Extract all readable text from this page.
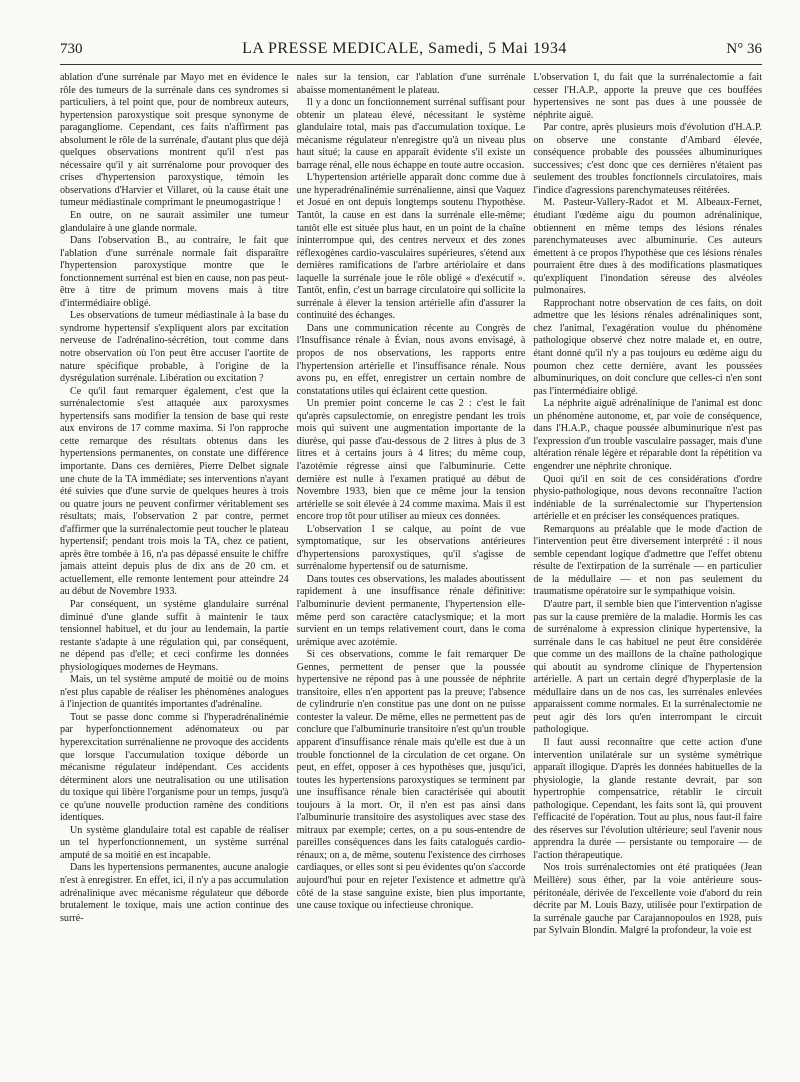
730	LA PRESSE MEDICALE, Samedi, 5 Mai 1934	N° 36

ablation d'une surrénale par Mayo met en évidence le rôle des tumeurs de la surrénale dans ces syndromes si particuliers, à tel point que, pour de nombreux auteurs, hypertension paroxystique soit presque synonyme de paragangliome. Cependant, ces faits n'affirment pas absolument le rôle de la surrénale, d'autant plus que déjà quelques observations montrent qu'il n'est pas nécessaire qu'il y ait surrénalome pour provoquer des crises d'hypertension paroxystique, témoin les observations d'Harvier et Villaret, où la cause était une tumeur médiastinale comprimant le pneumogastrique !

En outre, on ne saurait assimiler une tumeur glandulaire à une glande normale.

Dans l'observation B., au contraire, le fait que l'ablation d'une surrénale normale fait disparaître l'hypertension paroxystique montre que le fonctionnement surrénal est bien en cause, non pas peut-être à titre de primum movens mais à titre d'intermédiaire obligé.

Les observations de tumeur médiastinale à la base du syndrome hypertensif s'expliquent alors par excitation nerveuse de l'adrénalino-sécrétion, tout comme dans notre observation où l'on peut être accuser l'aortite de nature spécifique probable, à l'origine de la dysrégulation surrénale. Libération ou excitation ?

Ce qu'il faut remarquer également, c'est que la surrénalectomie s'est attaquée aux paroxysmes hypertensifs sans modifier la tension de base qui reste aux environs de 17 comme maxima. Si l'on rapproche cette remarque des résultats obtenus dans les hypertensions permanentes, on constate une différence importante. Dans ces dernières, Pierre Delbet signale une chute de la TA immédiate; ses interventions n'ayant été suivies que d'une survie de quelques heures à trois ou quatre jours ne peuvent confirmer véritablement ses résultats; mais, l'observation 2 par contre, permet d'affirmer que la surrénalectomie peut toucher le plateau hypertensif; pendant trois mois la TA, chez ce patient, après être tombée à 16, n'a pas dépassé ensuite le chiffre jamais atteint depuis plus de dix ans de 20 cm. et actuellement, elle remonte lentement pour atteindre 24 au début de Novembre 1933.

Par conséquent, un système glandulaire surrénal diminué d'une glande suffit à maintenir le taux tensionnel habituel, et du jour au lendemain, la partie restante s'adapte à une régulation qui, par conséquent, ne dépend pas d'elle; et ceci confirme les données physiologiques modernes de Heymans.

Mais, un tel système amputé de moitié ou de moins n'est plus capable de réaliser les phénomènes analogues à l'injection de quantités importantes d'adrénaline.

Tout se passe donc comme si l'hyperadrénalinémie par hyperfonctionnement adénomateux ou par hyperexcitation surrénalienne ne provoque des accidents que lorsque l'accumulation toxique déborde un mécanisme régulateur indépendant. Ces accidents déterminent alors une neutralisation ou une utilisation du toxique qui libère l'organisme pour un temps, jusqu'à ce qu'une nouvelle production ramène des conditions identiques.

Un système glandulaire total est capable de réaliser un tel hyperfonctionnement, un système surrénal amputé de sa moitié en est incapable.

Dans les hypertensions permanentes, aucune analogie n'est à enregistrer. En effet, ici, il n'y a pas accumulation adrénalinique avec mécanisme régulateur que déborde brutalement le toxique, mais une action continue des surré-

nales sur la tension, car l'ablation d'une surrénale abaisse momentanément le plateau.

Il y a donc un fonctionnement surrénal suffisant pour obtenir un plateau élevé, nécessitant le système glandulaire total, mais pas d'accumulation toxique. Le mécanisme régulateur n'enregistre qu'à un niveau plus haut situé; la cause en apparaît évidente s'il existe un barrage rénal, elle nous échappe en toute autre occasion.

L'hypertension artérielle apparaît donc comme due à une hyperadrénalinémie surrénalienne, ainsi que Vaquez et Josué en ont depuis longtemps soutenu l'hypothèse. Tantôt, la cause en est dans la surrénale elle-même; tantôt elle est située plus haut, en un point de la chaîne ininterrompue qui, des centres nerveux et des zones réflexogènes cardio-vasculaires supérieures, s'étend aux dernières ramifications de l'arbre artériolaire et dans laquelle la surrénale joue le rôle obligé « d'exécutif ». Tantôt, enfin, c'est un barrage circulatoire qui sollicite la surrénale à élever la tension artérielle afin d'assurer la continuité des échanges.

Dans une communication récente au Congrès de l'Insuffisance rénale à Évian, nous avons envisagé, à propos de nos observations, les rapports entre l'hypertension artérielle et l'insuffisance rénale. Nous avons pu, en effet, enregistrer un certain nombre de constatations utiles qui éclairent cette question.

Un premier point concerne le cas 2 : c'est le fait qu'après capsulectomie, on enregistre pendant les trois mois qui suivent une augmentation importante de la diurèse, qui passe d'au-dessous de 2 litres à plus de 3 litres et à certains jours à 4 litres; du même coup, l'azotémie régresse ainsi que l'albuminurie. Cette dernière est nulle à l'examen pratiqué au début de Novembre 1933, bien que ce même jour la tension artérielle se soit élevée à 24 comme maxima. Mais il est encore trop tôt pour utiliser au mieux ces données.

L'observation I se calque, au point de vue symptomatique, sur les observations antérieures d'hypertensions paroxystiques, qu'il s'agisse de surrénalome hypertensif ou de saturnisme.

Dans toutes ces observations, les malades aboutissent rapidement à une insuffisance rénale définitive: l'albuminurie devient permanente, l'hypertension elle-même perd son caractère cataclysmique; et la mort survient en un temps relativement court, dans le coma urémique avec azotémie.

Si ces observations, comme le fait remarquer De Gennes, permettent de penser que la poussée hypertensive ne répond pas à une poussée de néphrite transitoire, elles n'en apportent pas la preuve; l'absence de cylindrurie n'en constitue pas une dont on ne puisse contester la valeur. De même, elles ne permettent pas de conclure que l'albuminurie transitoire n'est qu'un trouble apparent d'insuffisance rénale mais qu'elle est due à un trouble fonctionnel de la circulation de cet organe. On peut, en effet, opposer à ces hypothèses que, jusqu'ici, toutes les hypertensions paroxystiques se terminent par une insuffisance rénale bien caractérisée qui aboutit toujours à la mort. Or, il n'en est pas ainsi dans l'albuminurie transitoire des asystoliques avec stase des mitraux par exemple; certes, on a pu sous-entendre de pareilles conséquences dans les faits catalogués cardio-rénaux; on a, de même, soutenu l'existence des cirrhoses cardiaques, or elles sont si peu évidentes qu'on s'accorde aujourd'hui pour en rejeter l'existence et admettre qu'à côté de la stase sanguine existe, bien plus importante, une cause toxique ou infectieuse chronique.

L'observation I, du fait que la surrénalectomie a fait cesser l'H.A.P., apporte la preuve que ces bouffées hypertensives ne sont pas dues à une poussée de néphrite aiguë.

Par contre, après plusieurs mois d'évolution d'H.A.P. on observe une constante d'Ambard élevée, conséquence probable des poussées albuminuriques successives; c'est donc que ces dernières n'étaient pas seulement des troubles fonctionnels circulatoires, mais l'indice d'agressions parenchymateuses réitérées.

M. Pasteur-Vallery-Radot et M. Albeaux-Fernet, étudiant l'œdème aigu du poumon adrénalinique, obtiennent en même temps des lésions rénales parenchymateuses avec albuminurie. Ces auteurs émettent à ce propos l'hypothèse que ces lésions rénales pourraient être dues à des modifications plasmatiques qu'expliquent l'inondation séreuse des alvéoles pulmonaires.

Rapprochant notre observation de ces faits, on doit admettre que les lésions rénales adrénaliniques sont, chez l'animal, l'exagération voulue du phénomène pathologique observé chez notre malade et, en outre, étant donné qu'il n'y a pas toujours eu œdème aigu du poumon chez cette dernière, avant les poussées albuminuriques, on doit conclure que celles-ci n'en sont pas l'intermédiaire obligé.

La néphrite aiguë adrénalinique de l'animal est donc un phénomène autonome, et, par voie de conséquence, dans l'H.A.P., chaque poussée albuminurique n'est pas l'expression d'un trouble vasculaire passager, mais d'une altération rénale légère et réparable dont la répétition va engendrer une néphrite chronique.

Quoi qu'il en soit de ces considérations d'ordre physio-pathologique, nous devons reconnaître l'action indéniable de la surrénalectomie sur l'hypertension artérielle et en préciser les conséquences pratiques.

Remarquons au préalable que le mode d'action de l'intervention peut être diversement interprété : il nous semble cependant logique d'admettre que l'effet obtenu résulte de l'extirpation de la surrénale — en particulier de la médullaire — et non pas seulement du traumatisme opératoire sur le sympathique voisin.

D'autre part, il semble bien que l'intervention n'agisse pas sur la cause première de la maladie. Hormis les cas de surrénalome à expression clinique hypertensive, la surrénale dans le cas habituel ne peut être considérée que comme un des maillons de la chaîne pathologique qui aboutit au syndrome clinique de l'hypertension artérielle. A part un certain degré d'hyperplasie de la médullaire dans un de nos cas, les surrénales enlevées apparaissent comme normales. Et la surrénalectomie ne peut agir dès lors qu'en interrompant le circuit pathologique.

Il faut aussi reconnaître que cette action d'une intervention unilatérale sur un système symétrique apparaît illogique. D'après les données habituelles de la physiologie, la glande restante devrait, par son hypertrophie compensatrice, rétablir le circuit pathologique. Cependant, les faits sont là, qui prouvent l'efficacité de l'opération. Tout au plus, nous faut-il faire des réserves sur l'évolution ultérieure; seul l'avenir nous apprendra la durée — persistante ou temporaire — de l'action thérapeutique.

Nos trois surrénalectomies ont été pratiquées (Jean Meillère) sous éther, par la voie antérieure sous-péritonéale, dérivée de l'excellente voie d'abord du rein décrite par M. Louis Bazy, utilisée pour l'extirpation de la surrénale gauche par Carajannopoulos en 1928, puis par Sylvain Blondin. Malgré la profondeur, la voie est
